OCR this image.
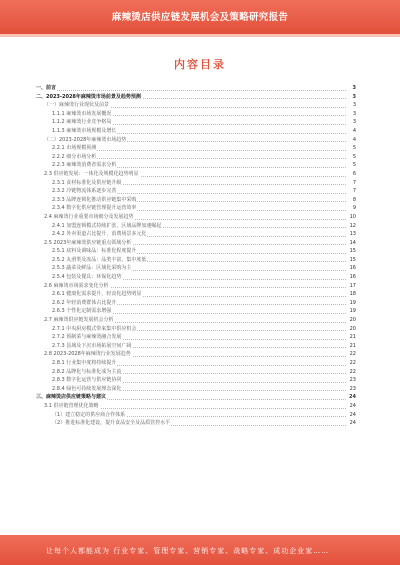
麻辣烫店供应链发展机会及策略研究报告
内容目录
一、前言	3
二、2023-2028年麻辣烫市场前景及趋势预测	3
（一）麻辣烫行业现状及前景	3
1.1.1 麻辣烫市场发展概况	3
1.1.2 麻辣烫行业竞争格局	3
1.1.3 麻辣烫市场规模及增长	4
（二）2023-2028年麻辣烫市场趋势	4
2.2.1 市场规模预测	5
2.2.2 细分市场分析	5
2.2.3 麻辣烫消费者需求分析	5
2.3 供应链发展：一体化及规模化趋势明显	6
2.3.1 食材标准化及供应链升级	7
2.3.2 冷链物流体系逐步完善	7
2.3.3 品牌连锁化推动供应链集中采购	8
2.3.4 数字化供应链管理提升运营效率	9
2.4 麻辣烫行业重要市场细分及发展趋势	10
2.4.1 加盟连锁模式持续扩张，区域品牌加速崛起	12
2.4.2 外卖渠道占比提升，消费场景多元化	13
2.5 2023年麻辣烫供应链重点领域分析	14
2.5.1 底料及调味品：标准化程度提升	15
2.5.2 丸滑类及冻品：品类丰富，集中度低	15
2.5.3 蔬菜及鲜品：区域化采购为主	16
2.5.4 包装及餐具：环保化趋势	16
2.6 麻辣烫市场需求变化分析	17
2.6.1 健康化需求提升，轻食化趋势明显	18
2.6.2 年轻消费群体占比提升	19
2.6.3 个性化定制需求增强	19
2.7 麻辣烫供应链发展机会分析	20
2.7.1 中央厨房模式带来集中供应机会	20
2.7.2 预制菜与麻辣烫融合发展	21
2.7.3 县域及下沉市场拓展空间广阔	21
2.8 2023-2028年麻辣烫行业发展趋势	22
2.8.1 行业集中度将持续提升	22
2.8.2 品牌化与标准化成为主流	22
2.8.3 数字化运营与供应链协同	23
2.8.4 绿色可持续发展理念深化	23
三、麻辣烫店供应链策略与建议	24
3.1 供应链管理优化策略	24
（1）建立稳定的供应商合作体系	24
（2）推进标准化建设，提升食品安全及品质管控水平	24
让每个人都能成为 行业专家、管理专家、营销专家、战略专家、成功企业家……
